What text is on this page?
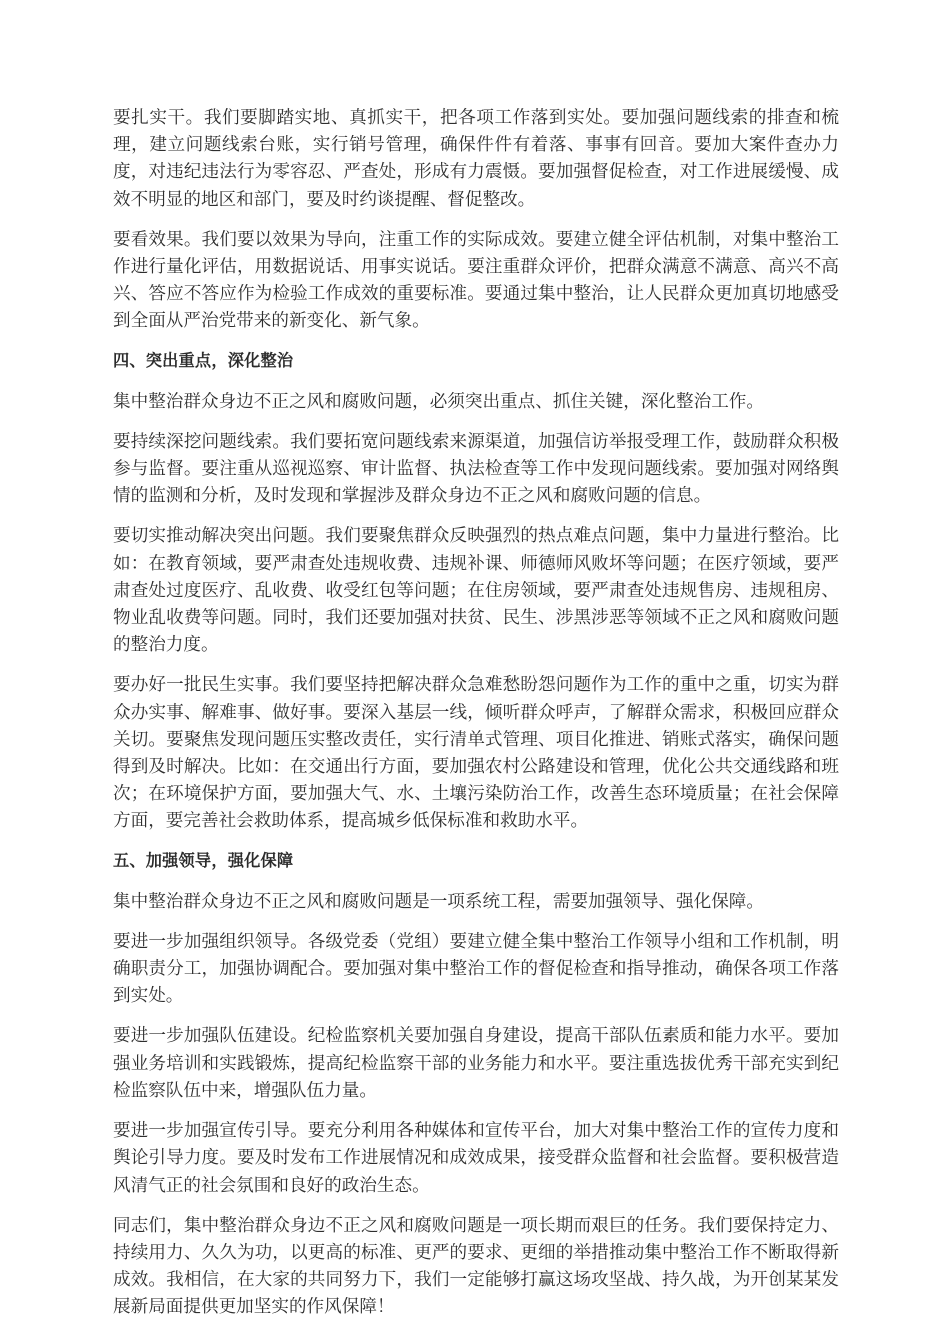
要扎实干。我们要脚踏实地、真抓实干，把各项工作落到实处。要加强问题线索的排查和梳理，建立问题线索台账，实行销号管理，确保件件有着落、事事有回音。要加大案件查办力度，对违纪违法行为零容忍、严查处，形成有力震慑。要加强督促检查，对工作进展缓慢、成效不明显的地区和部门，要及时约谈提醒、督促整改。

要看效果。我们要以效果为导向，注重工作的实际成效。要建立健全评估机制，对集中整治工作进行量化评估，用数据说话、用事实说话。要注重群众评价，把群众满意不满意、高兴不高兴、答应不答应作为检验工作成效的重要标准。要通过集中整治，让人民群众更加真切地感受到全面从严治党带来的新变化、新气象。

四、突出重点，深化整治

集中整治群众身边不正之风和腐败问题，必须突出重点、抓住关键，深化整治工作。

要持续深挖问题线索。我们要拓宽问题线索来源渠道，加强信访举报受理工作，鼓励群众积极参与监督。要注重从巡视巡察、审计监督、执法检查等工作中发现问题线索。要加强对网络舆情的监测和分析，及时发现和掌握涉及群众身边不正之风和腐败问题的信息。

要切实推动解决突出问题。我们要聚焦群众反映强烈的热点难点问题，集中力量进行整治。比如：在教育领域，要严肃查处违规收费、违规补课、师德师风败坏等问题；在医疗领域，要严肃查处过度医疗、乱收费、收受红包等问题；在住房领域，要严肃查处违规售房、违规租房、物业乱收费等问题。同时，我们还要加强对扶贫、民生、涉黑涉恶等领域不正之风和腐败问题的整治力度。

要办好一批民生实事。我们要坚持把解决群众急难愁盼怨问题作为工作的重中之重，切实为群众办实事、解难事、做好事。要深入基层一线，倾听群众呼声，了解群众需求，积极回应群众关切。要聚焦发现问题压实整改责任，实行清单式管理、项目化推进、销账式落实，确保问题得到及时解决。比如：在交通出行方面，要加强农村公路建设和管理，优化公共交通线路和班次；在环境保护方面，要加强大气、水、土壤污染防治工作，改善生态环境质量；在社会保障方面，要完善社会救助体系，提高城乡低保标准和救助水平。

五、加强领导，强化保障

集中整治群众身边不正之风和腐败问题是一项系统工程，需要加强领导、强化保障。

要进一步加强组织领导。各级党委（党组）要建立健全集中整治工作领导小组和工作机制，明确职责分工，加强协调配合。要加强对集中整治工作的督促检查和指导推动，确保各项工作落到实处。

要进一步加强队伍建设。纪检监察机关要加强自身建设，提高干部队伍素质和能力水平。要加强业务培训和实践锻炼，提高纪检监察干部的业务能力和水平。要注重选拔优秀干部充实到纪检监察队伍中来，增强队伍力量。

要进一步加强宣传引导。要充分利用各种媒体和宣传平台，加大对集中整治工作的宣传力度和舆论引导力度。要及时发布工作进展情况和成效成果，接受群众监督和社会监督。要积极营造风清气正的社会氛围和良好的政治生态。

同志们，集中整治群众身边不正之风和腐败问题是一项长期而艰巨的任务。我们要保持定力、持续用力、久久为功，以更高的标准、更严的要求、更细的举措推动集中整治工作不断取得新成效。我相信，在大家的共同努力下，我们一定能够打赢这场攻坚战、持久战，为开创某某发展新局面提供更加坚实的作风保障！
